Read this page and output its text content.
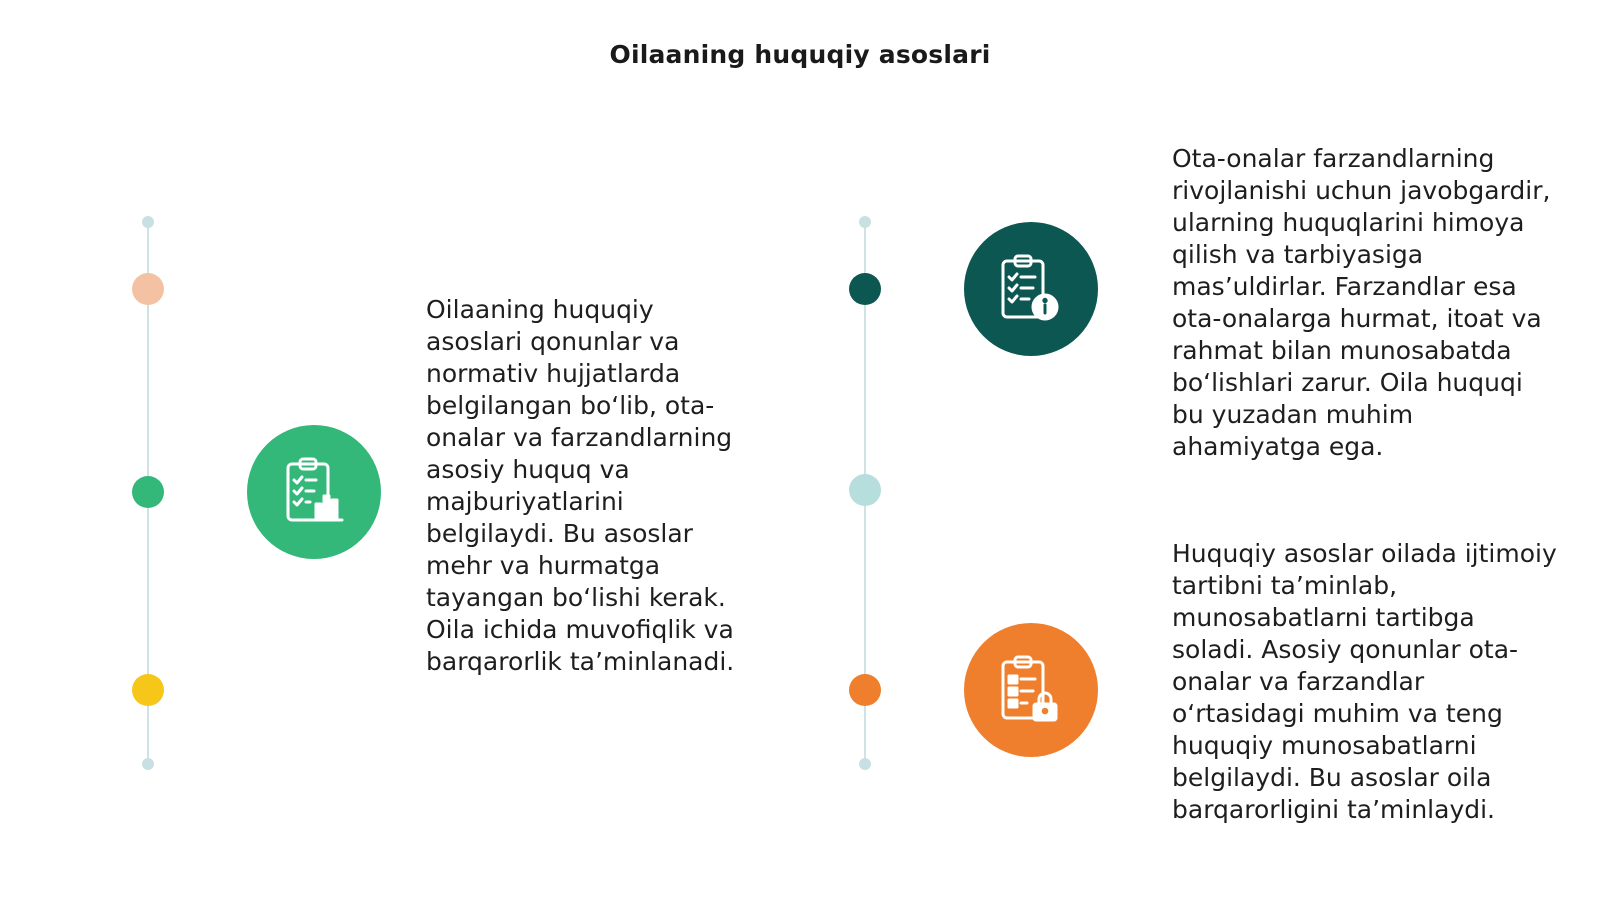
Oilaaning huquqiy asoslari
Oilaaning huquqiy asoslari qonunlar va normativ hujjatlarda belgilangan bo‘lib, ota-onalar va farzandlarning asosiy huquq va majburiyatlarini belgilaydi. Bu asoslar mehr va hurmatga tayangan bo‘lishi kerak. Oila ichida muvofiqlik va barqarorlik ta’minlanadi.
Ota-onalar farzandlarning rivojlanishi uchun javobgardir, ularning huquqlarini himoya qilish va tarbiyasiga mas’uldirlar. Farzandlar esa ota-onalarga hurmat, itoat va rahmat bilan munosabatda bo‘lishlari zarur. Oila huquqi bu yuzadan muhim ahamiyatga ega.
Huquqiy asoslar oilada ijtimoiy tartibni ta’minlab, munosabatlarni tartibga soladi. Asosiy qonunlar ota-onalar va farzandlar o‘rtasidagi muhim va teng huquqiy munosabatlarni belgilaydi. Bu asoslar oila barqarorligini ta’minlaydi.
